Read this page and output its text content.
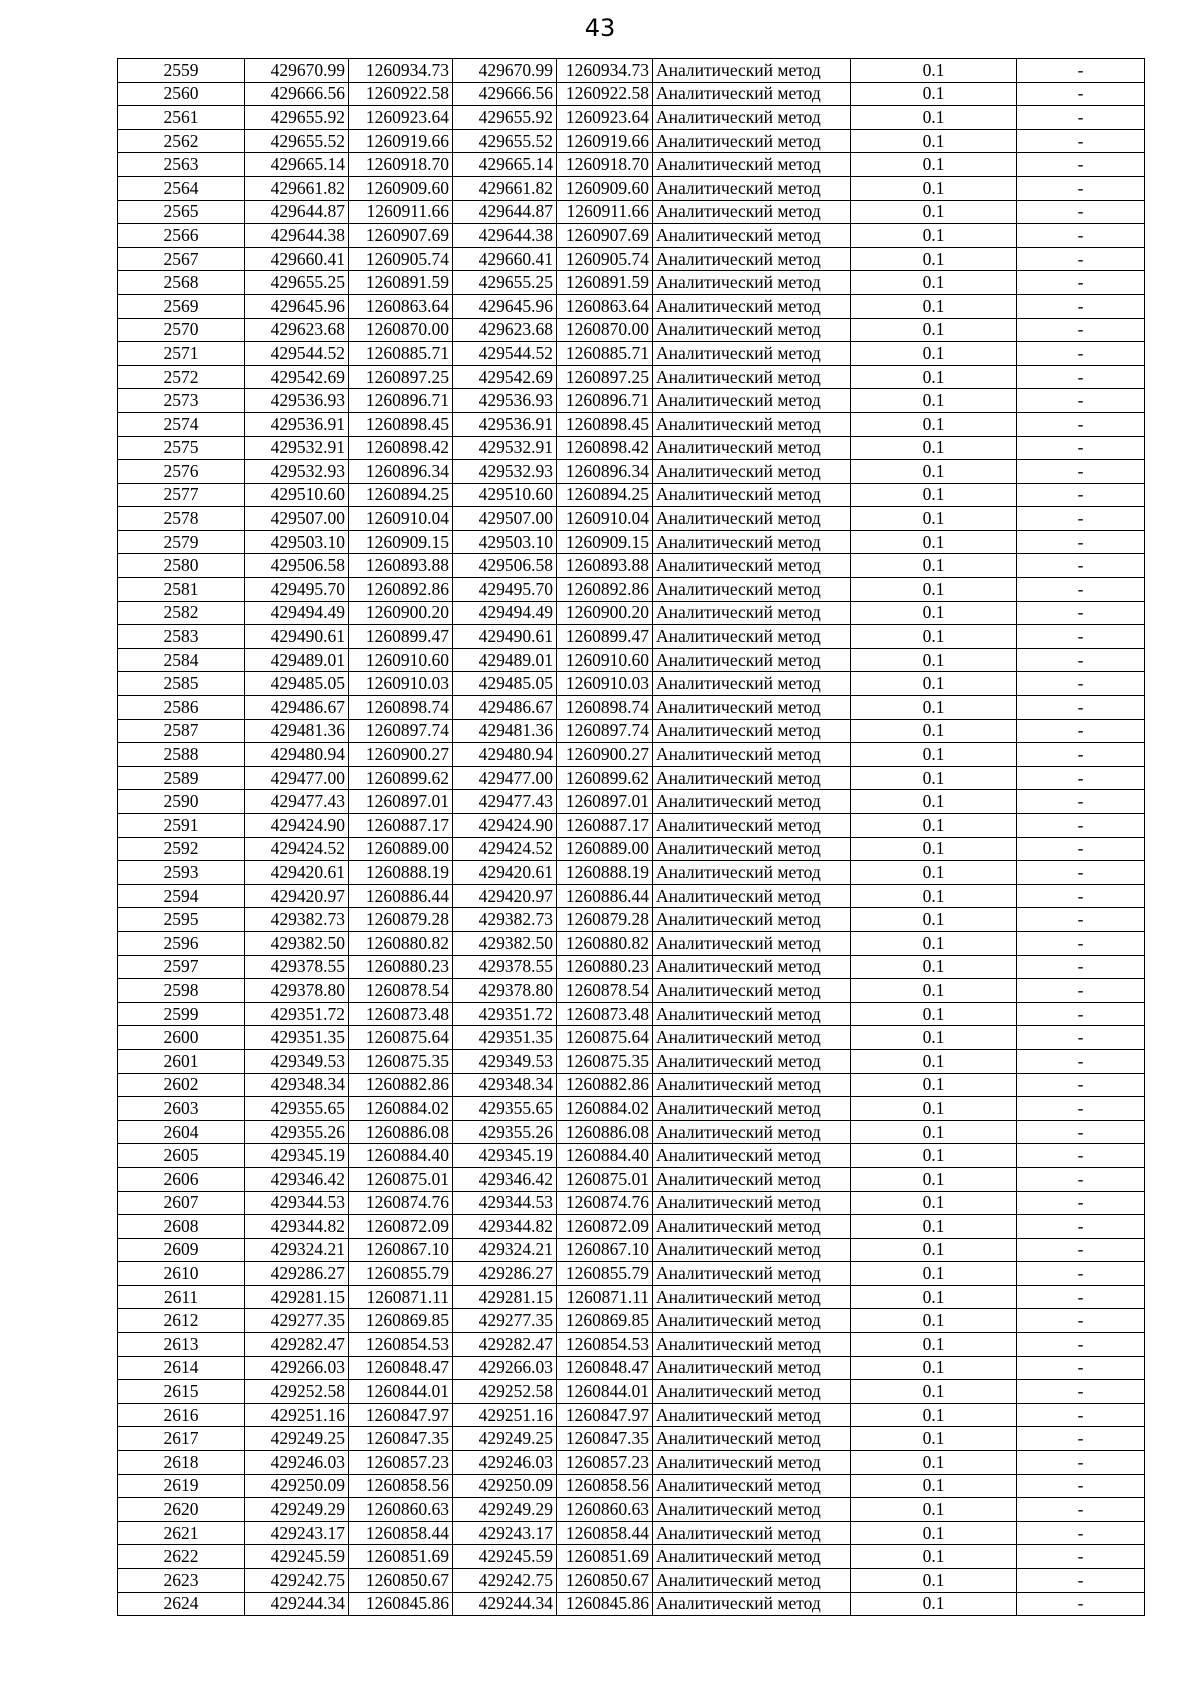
43
2559	429670.99	1260934.73	429670.99	1260934.73	Аналитический метод	0.1	-
2560	429666.56	1260922.58	429666.56	1260922.58	Аналитический метод	0.1	-
2561	429655.92	1260923.64	429655.92	1260923.64	Аналитический метод	0.1	-
2562	429655.52	1260919.66	429655.52	1260919.66	Аналитический метод	0.1	-
2563	429665.14	1260918.70	429665.14	1260918.70	Аналитический метод	0.1	-
2564	429661.82	1260909.60	429661.82	1260909.60	Аналитический метод	0.1	-
2565	429644.87	1260911.66	429644.87	1260911.66	Аналитический метод	0.1	-
2566	429644.38	1260907.69	429644.38	1260907.69	Аналитический метод	0.1	-
2567	429660.41	1260905.74	429660.41	1260905.74	Аналитический метод	0.1	-
2568	429655.25	1260891.59	429655.25	1260891.59	Аналитический метод	0.1	-
2569	429645.96	1260863.64	429645.96	1260863.64	Аналитический метод	0.1	-
2570	429623.68	1260870.00	429623.68	1260870.00	Аналитический метод	0.1	-
2571	429544.52	1260885.71	429544.52	1260885.71	Аналитический метод	0.1	-
2572	429542.69	1260897.25	429542.69	1260897.25	Аналитический метод	0.1	-
2573	429536.93	1260896.71	429536.93	1260896.71	Аналитический метод	0.1	-
2574	429536.91	1260898.45	429536.91	1260898.45	Аналитический метод	0.1	-
2575	429532.91	1260898.42	429532.91	1260898.42	Аналитический метод	0.1	-
2576	429532.93	1260896.34	429532.93	1260896.34	Аналитический метод	0.1	-
2577	429510.60	1260894.25	429510.60	1260894.25	Аналитический метод	0.1	-
2578	429507.00	1260910.04	429507.00	1260910.04	Аналитический метод	0.1	-
2579	429503.10	1260909.15	429503.10	1260909.15	Аналитический метод	0.1	-
2580	429506.58	1260893.88	429506.58	1260893.88	Аналитический метод	0.1	-
2581	429495.70	1260892.86	429495.70	1260892.86	Аналитический метод	0.1	-
2582	429494.49	1260900.20	429494.49	1260900.20	Аналитический метод	0.1	-
2583	429490.61	1260899.47	429490.61	1260899.47	Аналитический метод	0.1	-
2584	429489.01	1260910.60	429489.01	1260910.60	Аналитический метод	0.1	-
2585	429485.05	1260910.03	429485.05	1260910.03	Аналитический метод	0.1	-
2586	429486.67	1260898.74	429486.67	1260898.74	Аналитический метод	0.1	-
2587	429481.36	1260897.74	429481.36	1260897.74	Аналитический метод	0.1	-
2588	429480.94	1260900.27	429480.94	1260900.27	Аналитический метод	0.1	-
2589	429477.00	1260899.62	429477.00	1260899.62	Аналитический метод	0.1	-
2590	429477.43	1260897.01	429477.43	1260897.01	Аналитический метод	0.1	-
2591	429424.90	1260887.17	429424.90	1260887.17	Аналитический метод	0.1	-
2592	429424.52	1260889.00	429424.52	1260889.00	Аналитический метод	0.1	-
2593	429420.61	1260888.19	429420.61	1260888.19	Аналитический метод	0.1	-
2594	429420.97	1260886.44	429420.97	1260886.44	Аналитический метод	0.1	-
2595	429382.73	1260879.28	429382.73	1260879.28	Аналитический метод	0.1	-
2596	429382.50	1260880.82	429382.50	1260880.82	Аналитический метод	0.1	-
2597	429378.55	1260880.23	429378.55	1260880.23	Аналитический метод	0.1	-
2598	429378.80	1260878.54	429378.80	1260878.54	Аналитический метод	0.1	-
2599	429351.72	1260873.48	429351.72	1260873.48	Аналитический метод	0.1	-
2600	429351.35	1260875.64	429351.35	1260875.64	Аналитический метод	0.1	-
2601	429349.53	1260875.35	429349.53	1260875.35	Аналитический метод	0.1	-
2602	429348.34	1260882.86	429348.34	1260882.86	Аналитический метод	0.1	-
2603	429355.65	1260884.02	429355.65	1260884.02	Аналитический метод	0.1	-
2604	429355.26	1260886.08	429355.26	1260886.08	Аналитический метод	0.1	-
2605	429345.19	1260884.40	429345.19	1260884.40	Аналитический метод	0.1	-
2606	429346.42	1260875.01	429346.42	1260875.01	Аналитический метод	0.1	-
2607	429344.53	1260874.76	429344.53	1260874.76	Аналитический метод	0.1	-
2608	429344.82	1260872.09	429344.82	1260872.09	Аналитический метод	0.1	-
2609	429324.21	1260867.10	429324.21	1260867.10	Аналитический метод	0.1	-
2610	429286.27	1260855.79	429286.27	1260855.79	Аналитический метод	0.1	-
2611	429281.15	1260871.11	429281.15	1260871.11	Аналитический метод	0.1	-
2612	429277.35	1260869.85	429277.35	1260869.85	Аналитический метод	0.1	-
2613	429282.47	1260854.53	429282.47	1260854.53	Аналитический метод	0.1	-
2614	429266.03	1260848.47	429266.03	1260848.47	Аналитический метод	0.1	-
2615	429252.58	1260844.01	429252.58	1260844.01	Аналитический метод	0.1	-
2616	429251.16	1260847.97	429251.16	1260847.97	Аналитический метод	0.1	-
2617	429249.25	1260847.35	429249.25	1260847.35	Аналитический метод	0.1	-
2618	429246.03	1260857.23	429246.03	1260857.23	Аналитический метод	0.1	-
2619	429250.09	1260858.56	429250.09	1260858.56	Аналитический метод	0.1	-
2620	429249.29	1260860.63	429249.29	1260860.63	Аналитический метод	0.1	-
2621	429243.17	1260858.44	429243.17	1260858.44	Аналитический метод	0.1	-
2622	429245.59	1260851.69	429245.59	1260851.69	Аналитический метод	0.1	-
2623	429242.75	1260850.67	429242.75	1260850.67	Аналитический метод	0.1	-
2624	429244.34	1260845.86	429244.34	1260845.86	Аналитический метод	0.1	-
